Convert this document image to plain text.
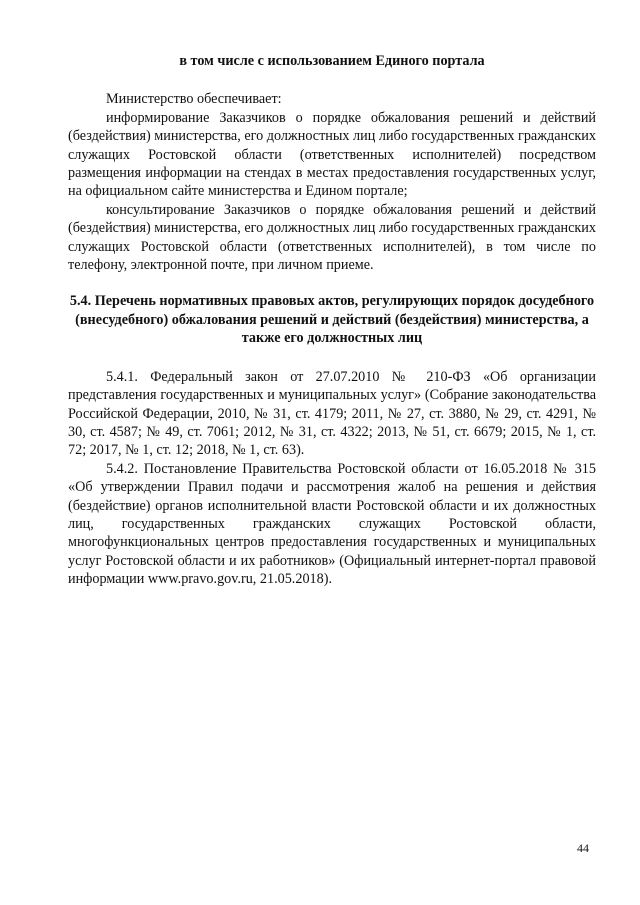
в том числе с использованием Единого портала

Министерство обеспечивает:

информирование Заказчиков о порядке обжалования решений и действий (бездействия) министерства, его должностных лиц либо государственных гражданских служащих Ростовской области (ответственных исполнителей) посредством размещения информации на стендах в местах предоставления государственных услуг, на официальном сайте министерства и Едином портале;

консультирование Заказчиков о порядке обжалования решений и действий (бездействия) министерства, его должностных лиц либо государственных гражданских служащих Ростовской области (ответственных исполнителей), в том числе по телефону, электронной почте, при личном приеме.

5.4. Перечень нормативных правовых актов, регулирующих порядок досудебного (внесудебного) обжалования решений и действий (бездействия) министерства, а также его должностных лиц

5.4.1. Федеральный закон от 27.07.2010 № 210-ФЗ «Об организации представления государственных и муниципальных услуг» (Собрание законодательства Российской Федерации, 2010, № 31, ст. 4179; 2011, № 27, ст. 3880, № 29, ст. 4291, № 30, ст. 4587; № 49, ст. 7061; 2012, № 31, ст. 4322; 2013, № 51, ст. 6679; 2015, № 1, ст. 72; 2017, № 1, ст. 12; 2018, № 1, ст. 63).

5.4.2. Постановление Правительства Ростовской области от 16.05.2018 № 315 «Об утверждении Правил подачи и рассмотрения жалоб на решения и действия (бездействие) органов исполнительной власти Ростовской области и их должностных лиц, государственных гражданских служащих Ростовской области, многофункциональных центров предоставления государственных и муниципальных услуг Ростовской области и их работников» (Официальный интернет-портал правовой информации www.pravo.gov.ru, 21.05.2018).

44
